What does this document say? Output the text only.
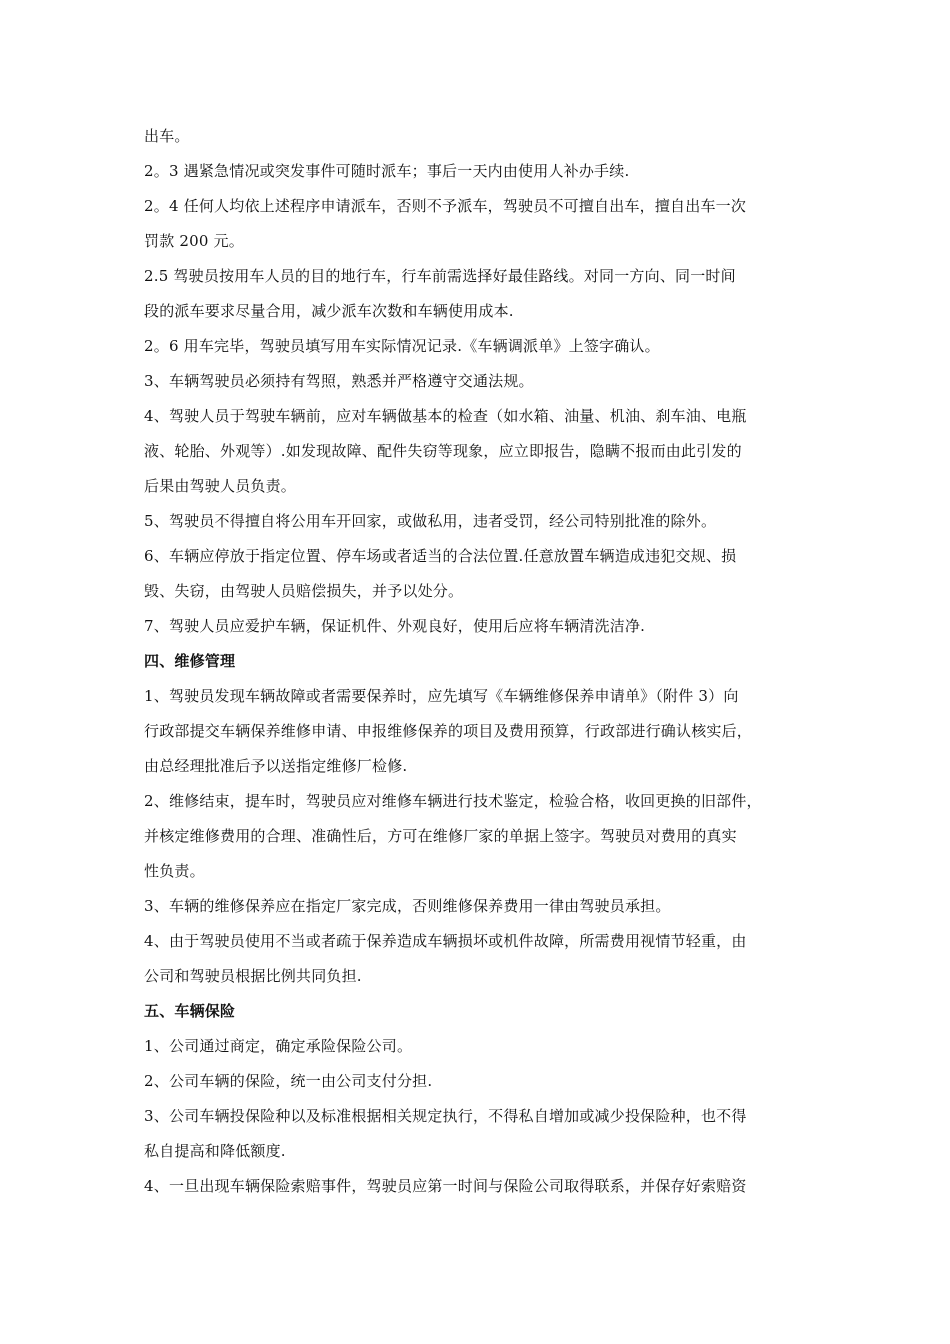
出车。
2。3 遇紧急情况或突发事件可随时派车；事后一天内由使用人补办手续.
2。4 任何人均依上述程序申请派车，否则不予派车，驾驶员不可擅自出车，擅自出车一次
罚款 200 元。
2.5 驾驶员按用车人员的目的地行车，行车前需选择好最佳路线。对同一方向、同一时间
段的派车要求尽量合用，减少派车次数和车辆使用成本.
2。6 用车完毕，驾驶员填写用车实际情况记录.《车辆调派单》上签字确认。
3、车辆驾驶员必须持有驾照，熟悉并严格遵守交通法规。
4、驾驶人员于驾驶车辆前，应对车辆做基本的检查（如水箱、油量、机油、刹车油、电瓶
液、轮胎、外观等）.如发现故障、配件失窃等现象，应立即报告，隐瞒不报而由此引发的
后果由驾驶人员负责。
5、驾驶员不得擅自将公用车开回家，或做私用，违者受罚，经公司特别批准的除外。
6、车辆应停放于指定位置、停车场或者适当的合法位置.任意放置车辆造成违犯交规、损
毁、失窃，由驾驶人员赔偿损失，并予以处分。
7、驾驶人员应爱护车辆，保证机件、外观良好，使用后应将车辆清洗洁净.
四、维修管理
1、驾驶员发现车辆故障或者需要保养时，应先填写《车辆维修保养申请单》（附件 3）向
行政部提交车辆保养维修申请、申报维修保养的项目及费用预算，行政部进行确认核实后，
由总经理批准后予以送指定维修厂检修.
2、维修结束，提车时，驾驶员应对维修车辆进行技术鉴定，检验合格，收回更换的旧部件，
并核定维修费用的合理、准确性后，方可在维修厂家的单据上签字。驾驶员对费用的真实
性负责。
3、车辆的维修保养应在指定厂家完成，否则维修保养费用一律由驾驶员承担。
4、由于驾驶员使用不当或者疏于保养造成车辆损坏或机件故障，所需费用视情节轻重，由
公司和驾驶员根据比例共同负担.
五、车辆保险
1、公司通过商定，确定承险保险公司。
2、公司车辆的保险，统一由公司支付分担.
3、公司车辆投保险种以及标准根据相关规定执行，不得私自增加或减少投保险种，也不得
私自提高和降低额度.
4、一旦出现车辆保险索赔事件，驾驶员应第一时间与保险公司取得联系，并保存好索赔资
